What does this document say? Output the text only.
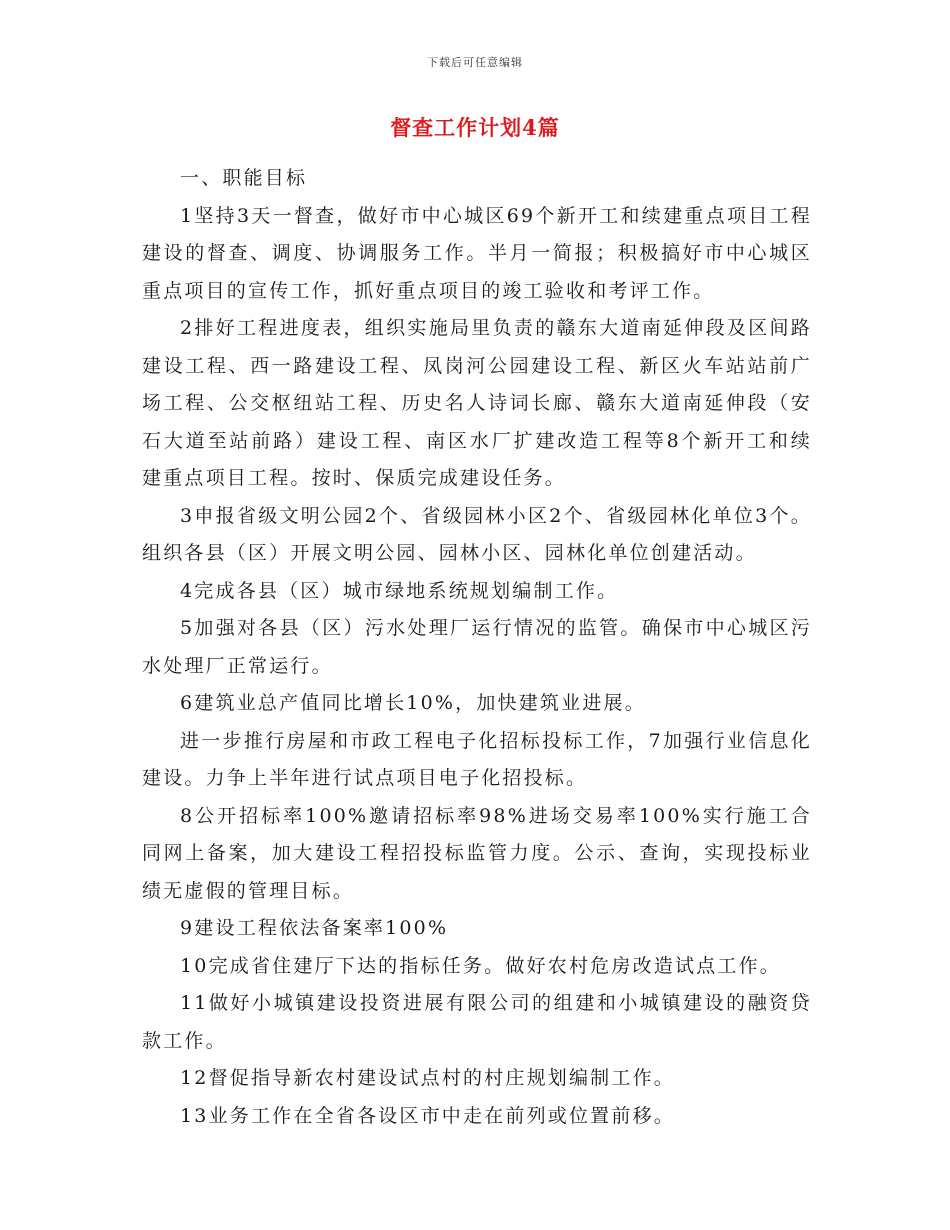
下载后可任意编辑
督查工作计划4篇

一、职能目标

1坚持3天一督查，做好市中心城区69个新开工和续建重点项目工程建设的督查、调度、协调服务工作。半月一简报；积极搞好市中心城区重点项目的宣传工作，抓好重点项目的竣工验收和考评工作。

2排好工程进度表，组织实施局里负责的赣东大道南延伸段及区间路建设工程、西一路建设工程、凤岗河公园建设工程、新区火车站站前广场工程、公交枢纽站工程、历史名人诗词长廊、赣东大道南延伸段（安石大道至站前路）建设工程、南区水厂扩建改造工程等8个新开工和续建重点项目工程。按时、保质完成建设任务。

3申报省级文明公园2个、省级园林小区2个、省级园林化单位3个。组织各县（区）开展文明公园、园林小区、园林化单位创建活动。

4完成各县（区）城市绿地系统规划编制工作。

5加强对各县（区）污水处理厂运行情况的监管。确保市中心城区污水处理厂正常运行。

6建筑业总产值同比增长10%，加快建筑业进展。

进一步推行房屋和市政工程电子化招标投标工作，7加强行业信息化建设。力争上半年进行试点项目电子化招投标。

8公开招标率100%邀请招标率98%进场交易率100%实行施工合同网上备案，加大建设工程招投标监管力度。公示、查询，实现投标业绩无虚假的管理目标。

9建设工程依法备案率100%

10完成省住建厅下达的指标任务。做好农村危房改造试点工作。

11做好小城镇建设投资进展有限公司的组建和小城镇建设的融资贷款工作。

12督促指导新农村建设试点村的村庄规划编制工作。

13业务工作在全省各设区市中走在前列或位置前移。
